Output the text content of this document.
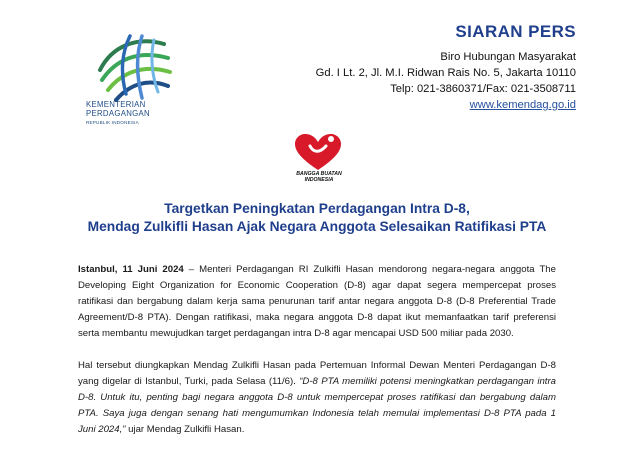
KEMENTERIAN
PERDAGANGAN
REPUBLIK INDONESIA
SIARAN PERS
Biro Hubungan Masyarakat
Gd. I Lt. 2, Jl. M.I. Ridwan Rais No. 5, Jakarta 10110
Telp: 021-3860371/Fax: 021-3508711
www.kemendag.go.id
BANGGA BUATAN
INDONESIA
Targetkan Peningkatan Perdagangan Intra D-8,
Mendag Zulkifli Hasan Ajak Negara Anggota Selesaikan Ratifikasi PTA

Istanbul, 11 Juni 2024 – Menteri Perdagangan RI Zulkifli Hasan mendorong negara-negara anggota The Developing Eight Organization for Economic Cooperation (D-8) agar dapat segera mempercepat proses ratifikasi dan bergabung dalam kerja sama penurunan tarif antar negara anggota D-8 (D-8 Preferential Trade Agreement/D-8 PTA). Dengan ratifikasi, maka negara anggota D-8 dapat ikut memanfaatkan tarif preferensi serta membantu mewujudkan target perdagangan intra D-8 agar mencapai USD 500 miliar pada 2030.

Hal tersebut diungkapkan Mendag Zulkifli Hasan pada Pertemuan Informal Dewan Menteri Perdagangan D-8 yang digelar di Istanbul, Turki, pada Selasa (11/6). “D-8 PTA memiliki potensi meningkatkan perdagangan intra D-8. Untuk itu, penting bagi negara anggota D-8 untuk mempercepat proses ratifikasi dan bergabung dalam PTA. Saya juga dengan senang hati mengumumkan Indonesia telah memulai implementasi D-8 PTA pada 1 Juni 2024,” ujar Mendag Zulkifli Hasan.
